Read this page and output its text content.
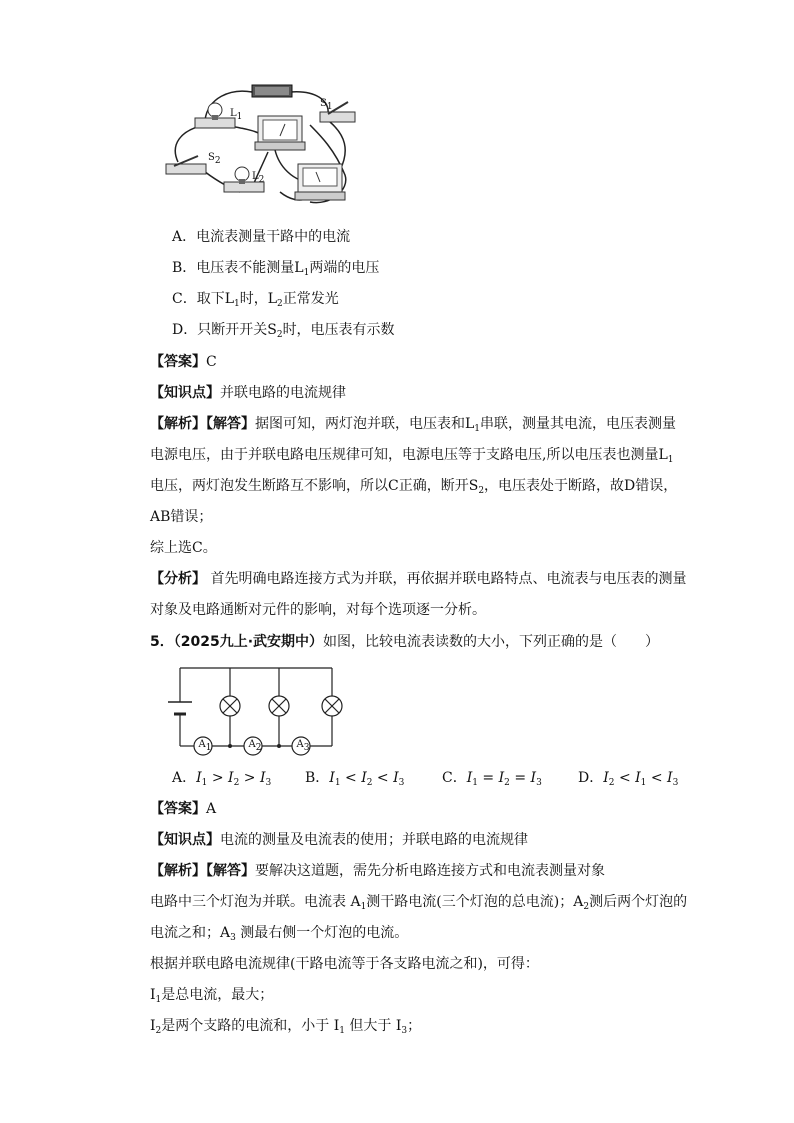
$L_1$
$S_1$
$S_2$
$L_2$
A．电流表测量干路中的电流
B．电压表不能测量$L_1$两端的电压
C．取下$L_1$时，$L_2$正常发光
D．只断开开关$S_2$时，电压表有示数
【答案】C
【知识点】并联电路的电流规律
【解析】【解答】据图可知，两灯泡并联，电压表和$L_1$串联，测量其电流，电压表测量
电源电压，由于并联电路电压规律可知，电源电压等于支路电压,所以电压表也测量$L_1$
电压，两灯泡发生断路互不影响，所以C正确，断开$S_2$，电压表处于断路，故D错误，
AB错误；
综上选C。
【分析】 首先明确电路连接方式为并联，再依据并联电路特点、电流表与电压表的测量
对象及电路通断对元件的影响，对每个选项逐一分析。
5．（2025九上·武安期中）如图，比较电流表读数的大小，下列正确的是（　　）
$A_1$	$A_2$	$A_3$
A．$I_1 > I_2 > I_3$ B．$I_1 < I_2 < I_3$	C．$I_1 = I_2 = I_3$	D．$I_2 < I_1 < I_3$
【答案】A
【知识点】电流的测量及电流表的使用；并联电路的电流规律
【解析】【解答】要解决这道题，需先分析电路连接方式和电流表测量对象
电路中三个灯泡为并联。电流表 $A_1$测干路电流(三个灯泡的总电流)；$A_2$测后两个灯泡的
电流之和；$A_3$ 测最右侧一个灯泡的电流。
根据并联电路电流规律(干路电流等于各支路电流之和)，可得：
$I_1$是总电流，最大；
$I_2$是两个支路的电流和，小于 $I_1$ 但大于 $I_3$；
